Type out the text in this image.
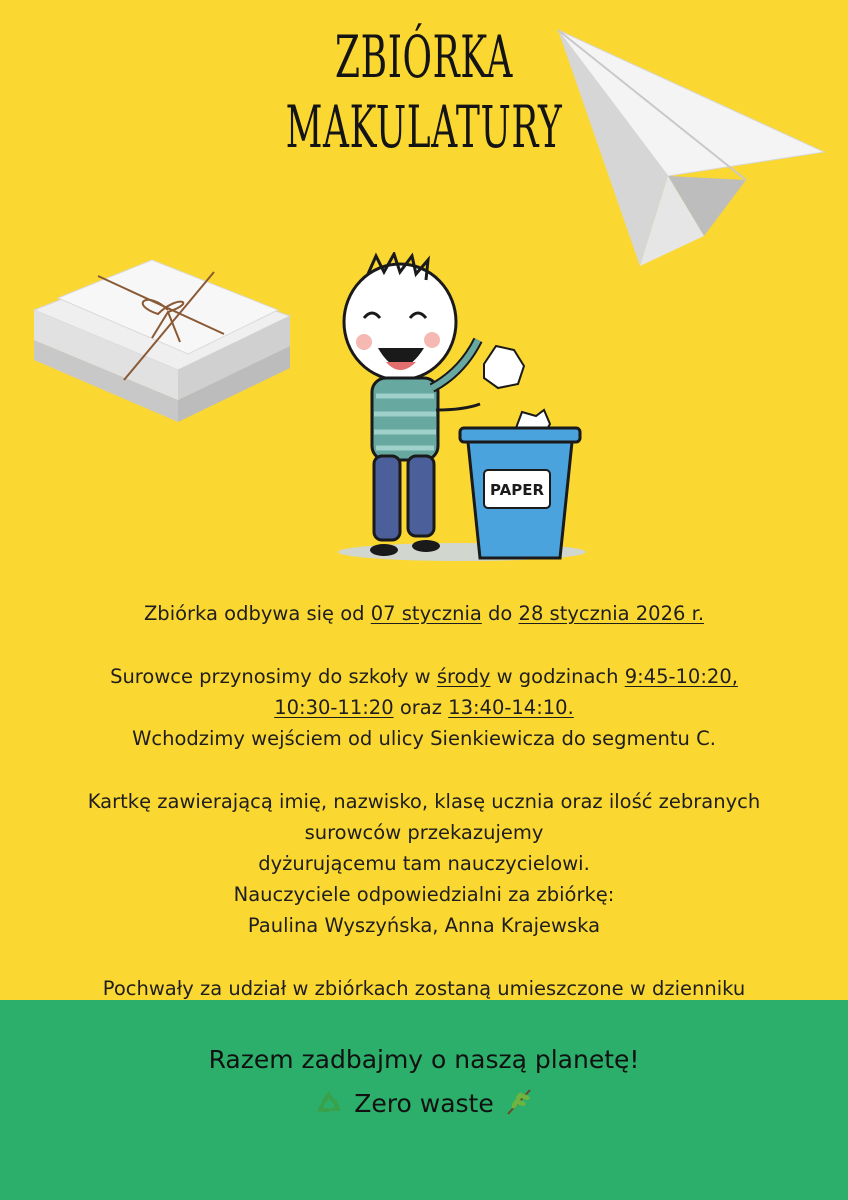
ZBIÓRKA
MAKULATURY
PAPER

Zbiórka odbywa się od 07 stycznia do 28 stycznia 2026 r.

Surowce przynosimy do szkoły w środy w godzinach 9:45-10:20,
10:30-11:20 oraz 13:40-14:10.

Wchodzimy wejściem od ulicy Sienkiewicza do segmentu C.

Kartkę zawierającą imię, nazwisko, klasę ucznia oraz ilość zebranych

surowców przekazujemy

dyżurującemu tam nauczycielowi.

Nauczyciele odpowiedzialni za zbiórkę:

Paulina Wyszyńska, Anna Krajewska

Pochwały za udział w zbiórkach zostaną umieszczone w dzienniku

Razem zadbajmy o naszą planetę!
Zero waste
